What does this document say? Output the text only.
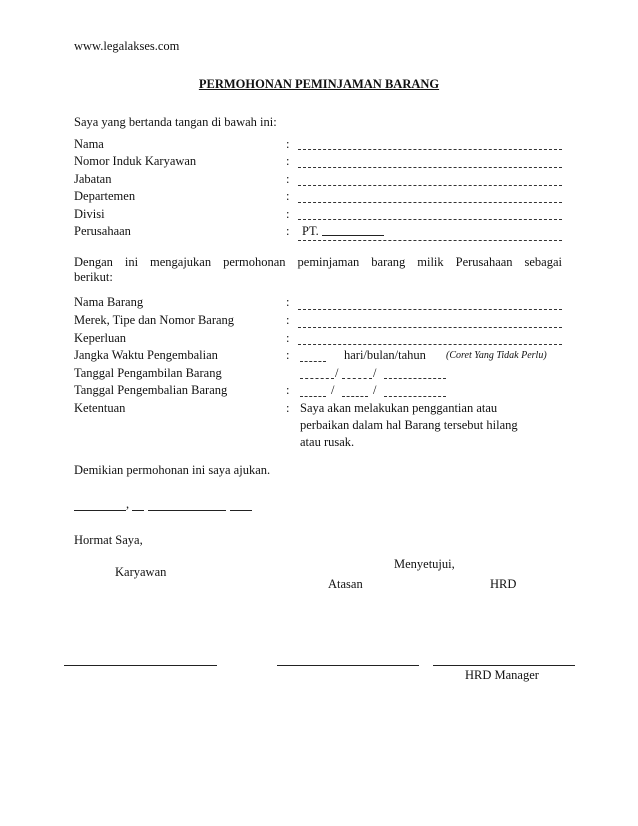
www.legalakses.com
PERMOHONAN PEMINJAMAN BARANG
Saya yang bertanda tangan di bawah ini:
Nama	:
Nomor Induk Karyawan	:
Jabatan	:
Departemen	:
Divisi	:
Perusahaan	:	PT.
Dengan ini mengajukan permohonan peminjaman barang milik Perusahaan sebagai
berikut:
Nama Barang	:
Merek, Tipe dan Nomor Barang	:
Keperluan	:
Jangka Waktu Pengembalian	:	hari/bulan/tahun (Coret Yang Tidak Perlu)
Tanggal Pengambilan Barang	/	/
Tanggal Pengembalian Barang	:	/	/
Ketentuan	: Saya akan melakukan penggantian atau
perbaikan dalam hal Barang tersebut hilang
atau rusak.
Demikian permohonan ini saya ajukan.
,
Hormat Saya,
Menyetujui,
Karyawan
Atasan	HRD
HRD Manager
